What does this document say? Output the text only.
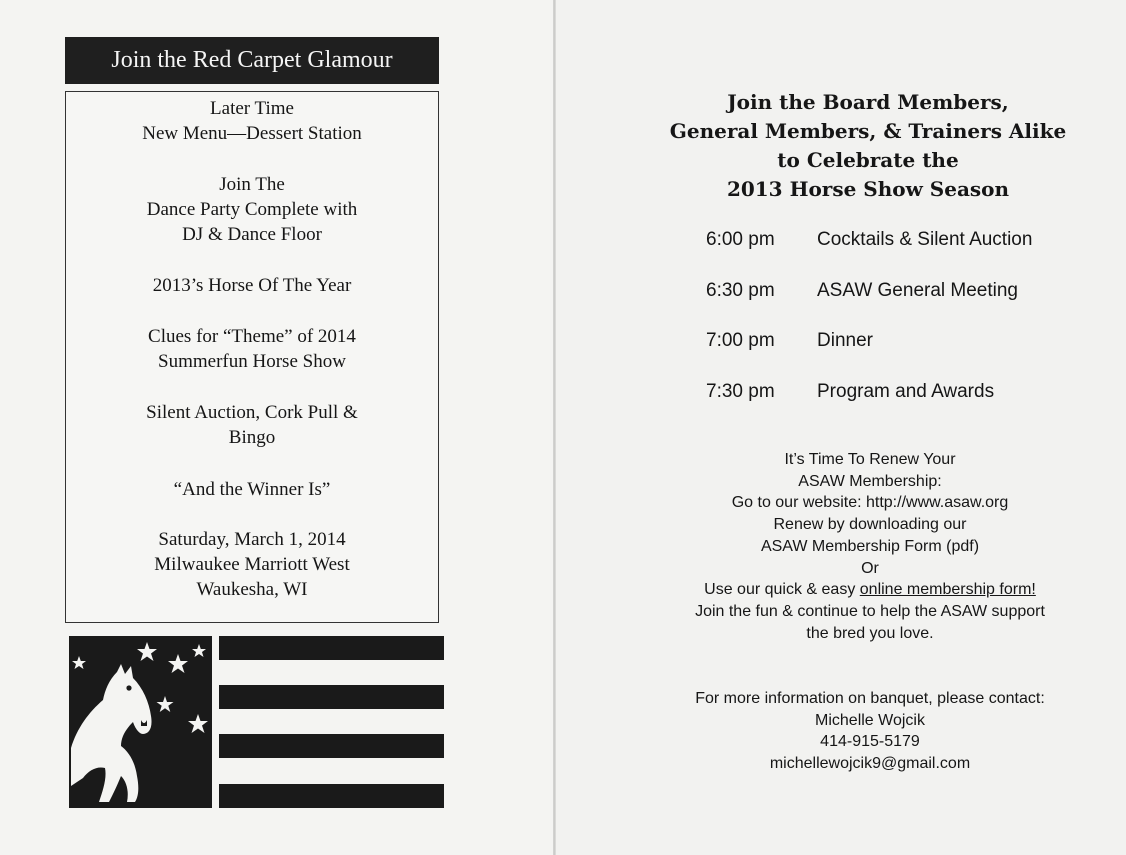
Join the Red Carpet Glamour
Later Time
New Menu—Dessert Station
Join The
Dance Party Complete with
DJ & Dance Floor
2013’s Horse Of The Year
Clues for “Theme” of 2014
Summerfun Horse Show
Silent Auction, Cork Pull &
Bingo
“And the Winner Is”
Saturday, March 1, 2014
Milwaukee Marriott West
Waukesha, WI
Join the Board Members,
General Members, & Trainers Alike
to Celebrate the
2013 Horse Show Season
6:00 pm Cocktails & Silent Auction
6:30 pm ASAW General Meeting
7:00 pm Dinner
7:30 pm Program and Awards
It’s Time To Renew Your
ASAW Membership:
Go to our website: http://www.asaw.org
Renew by downloading our
ASAW Membership Form (pdf)
Or
Use our quick & easy online membership form!
Join the fun & continue to help the ASAW support
the bred you love.
For more information on banquet, please contact:
Michelle Wojcik
414-915-5179
michellewojcik9@gmail.com
